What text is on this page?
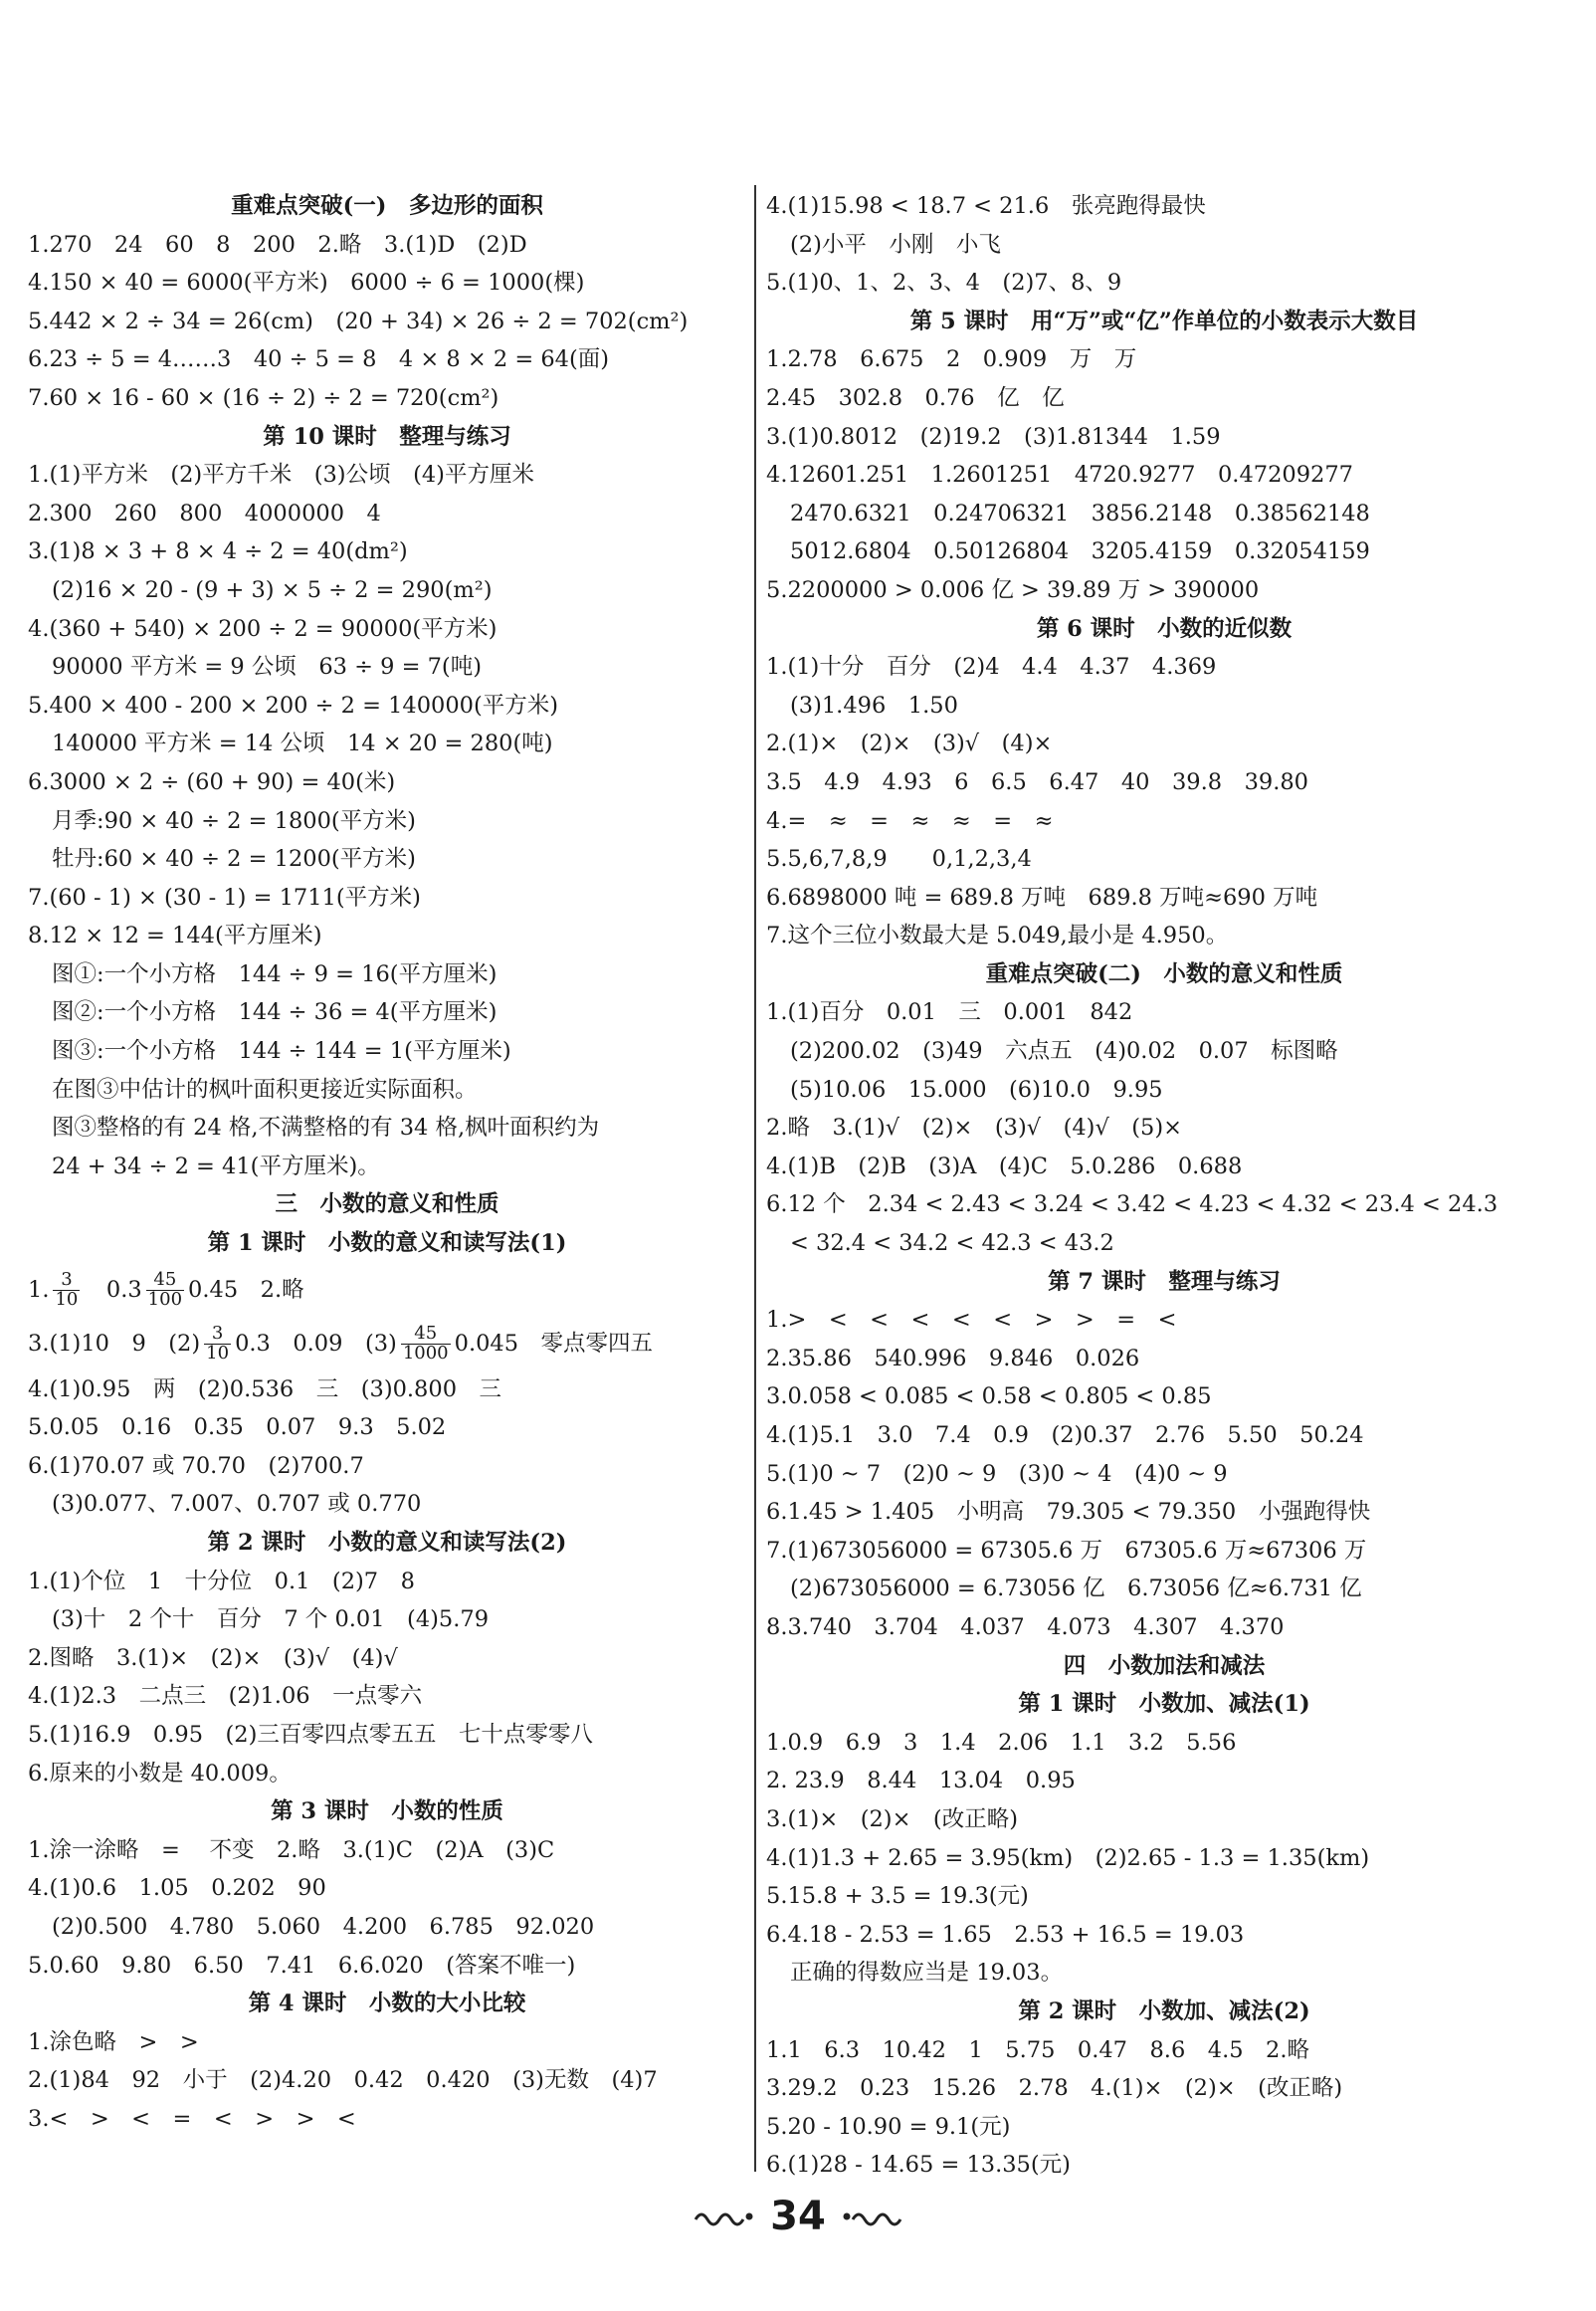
重难点突破(一)　多边形的面积
1.270　24　60　8　200　2.略　3.(1)D　(2)D
4.150 × 40 = 6000(平方米)　6000 ÷ 6 = 1000(棵)
5.442 × 2 ÷ 34 = 26(cm)　(20 + 34) × 26 ÷ 2 = 702(cm²)
6.23 ÷ 5 = 4……3　40 ÷ 5 = 8　4 × 8 × 2 = 64(面)
7.60 × 16 - 60 × (16 ÷ 2) ÷ 2 = 720(cm²)
第 10 课时　整理与练习
1.(1)平方米　(2)平方千米　(3)公顷　(4)平方厘米
2.300　260　800　4000000　4
3.(1)8 × 3 + 8 × 4 ÷ 2 = 40(dm²)
(2)16 × 20 - (9 + 3) × 5 ÷ 2 = 290(m²)
4.(360 + 540) × 200 ÷ 2 = 90000(平方米)
90000 平方米 = 9 公顷　63 ÷ 9 = 7(吨)
5.400 × 400 - 200 × 200 ÷ 2 = 140000(平方米)
140000 平方米 = 14 公顷　14 × 20 = 280(吨)
6.3000 × 2 ÷ (60 + 90) = 40(米)
月季:90 × 40 ÷ 2 = 1800(平方米)
牡丹:60 × 40 ÷ 2 = 1200(平方米)
7.(60 - 1) × (30 - 1) = 1711(平方米)
8.12 × 12 = 144(平方厘米)
图①:一个小方格　144 ÷ 9 = 16(平方厘米)
图②:一个小方格　144 ÷ 36 = 4(平方厘米)
图③:一个小方格　144 ÷ 144 = 1(平方厘米)
在图③中估计的枫叶面积更接近实际面积。
图③整格的有 24 格,不满整格的有 34 格,枫叶面积约为
24 + 34 ÷ 2 = 41(平方厘米)。
三　小数的意义和性质
第 1 课时　小数的意义和读写法(1)
1. $\frac{3}{10}$ 　$0.3 \frac{45}{100} 0.45$　2.略
3.(1)10　9　$(2) \frac{3}{10} 0.3$　0.09　$(3) \frac{45}{1000} 0.045$　零点零四五
4.(1)0.95　两　(2)0.536　三　(3)0.800　三
5.0.05　0.16　0.35　0.07　9.3　5.02
6.(1)70.07 或 70.70　(2)700.7
(3)0.077、7.007、0.707 或 0.770
第 2 课时　小数的意义和读写法(2)
1.(1)个位　1　十分位　0.1　(2)7　8
(3)十　2 个十　百分　7 个 0.01　(4)5.79
2.图略　3.(1)×　(2)×　(3)√　(4)√
4.(1)2.3　二点三　(2)1.06　一点零六
5.(1)16.9　0.95　(2)三百零四点零五五　七十点零零八
6.原来的小数是 40.009。
第 3 课时　小数的性质
1.涂一涂略　= 　不变　2.略　3.(1)C　(2)A　(3)C
4.(1)0.6　1.05　0.202　90
(2)0.500　4.780　5.060　4.200　6.785　92.020
5.0.60　9.80　6.50　7.41　6.6.020　(答案不唯一)
第 4 课时　小数的大小比较
1.涂色略　>　>
2.(1)84　92　小于　(2)4.20　0.42　0.420　(3)无数　(4)7
3.<　>　<　=　<　>　>　<
4.(1)15.98 < 18.7 < 21.6　张亮跑得最快
(2)小平　小刚　小飞
5.(1)0、1、2、3、4　(2)7、8、9
第 5 课时　用“万”或“亿”作单位的小数表示大数目
1.2.78　6.675　2　0.909　万　万
2.45　302.8　0.76　亿　亿
3.(1)0.8012　(2)19.2　(3)1.81344　1.59
4.12601.251　1.2601251　4720.9277　0.47209277
2470.6321　0.24706321　3856.2148　0.38562148
5012.6804　0.50126804　3205.4159　0.32054159
5.2200000 > 0.006 亿 > 39.89 万 > 390000
第 6 课时　小数的近似数
1.(1)十分　百分　(2)4　4.4　4.37　4.369
(3)1.496　1.50
2.(1)×　(2)×　(3)√　(4)×
3.5　4.9　4.93　6　6.5　6.47　40　39.8　39.80
4.=　≈　=　≈　≈　=　≈
5.5,6,7,8,9　　0,1,2,3,4
6.6898000 吨 = 689.8 万吨　689.8 万吨≈690 万吨
7.这个三位小数最大是 5.049,最小是 4.950。
重难点突破(二)　小数的意义和性质
1.(1)百分　0.01　三　0.001　842
(2)200.02　(3)49　六点五　(4)0.02　0.07　标图略
(5)10.06　15.000　(6)10.0　9.95
2.略　3.(1)√　(2)×　(3)√　(4)√　(5)×
4.(1)B　(2)B　(3)A　(4)C　5.0.286　0.688
6.12 个　2.34 < 2.43 < 3.24 < 3.42 < 4.23 < 4.32 < 23.4 < 24.3
< 32.4 < 34.2 < 42.3 < 43.2
第 7 课时　整理与练习
1.>　<　<　<　<　<　>　>　=　<
2.35.86　540.996　9.846　0.026
3.0.058 < 0.085 < 0.58 < 0.805 < 0.85
4.(1)5.1　3.0　7.4　0.9　(2)0.37　2.76　5.50　50.24
5.(1)0 ~ 7　(2)0 ~ 9　(3)0 ~ 4　(4)0 ~ 9
6.1.45 > 1.405　小明高　79.305 < 79.350　小强跑得快
7.(1)673056000 = 67305.6 万　67305.6 万≈67306 万
(2)673056000 = 6.73056 亿　6.73056 亿≈6.731 亿
8.3.740　3.704　4.037　4.073　4.307　4.370
四　小数加法和减法
第 1 课时　小数加、减法(1)
1.0.9　6.9　3　1.4　2.06　1.1　3.2　5.56
2. 23.9　8.44　13.04　0.95
3.(1)×　(2)×　(改正略)
4.(1)1.3 + 2.65 = 3.95(km)　(2)2.65 - 1.3 = 1.35(km)
5.15.8 + 3.5 = 19.3(元)
6.4.18 - 2.53 = 1.65　2.53 + 16.5 = 19.03
正确的得数应当是 19.03。
第 2 课时　小数加、减法(2)
1.1　6.3　10.42　1　5.75　0.47　8.6　4.5　2.略
3.29.2　0.23　15.26　2.78　4.(1)×　(2)×　(改正略)
5.20 - 10.90 = 9.1(元)
6.(1)28 - 14.65 = 13.35(元)
34
